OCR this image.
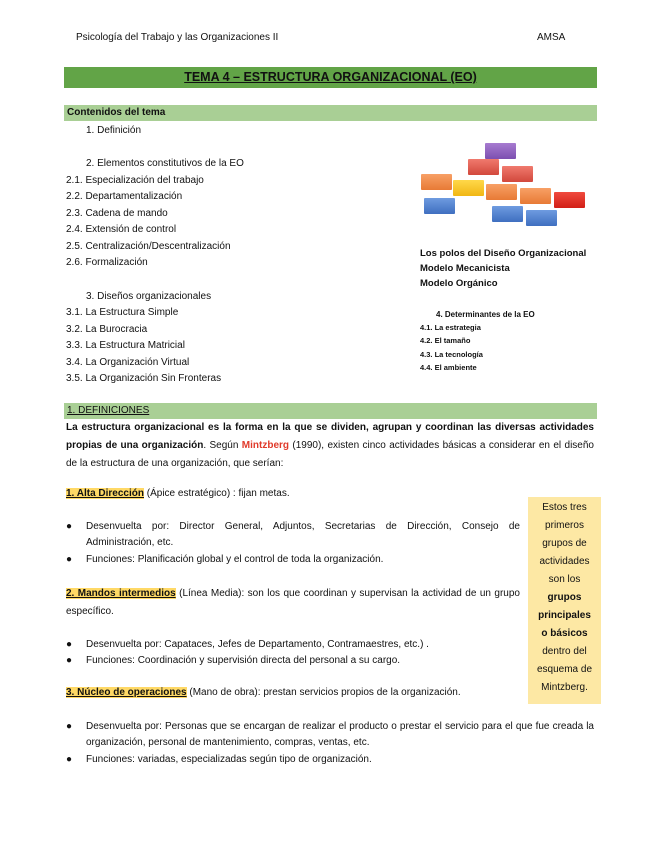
Psicología del Trabajo y las Organizaciones II	AMSA
TEMA 4 – ESTRUCTURA ORGANIZACIONAL (EO)
Contenidos del tema
1. Definición
2. Elementos constitutivos de la EO
2.1. Especialización del trabajo
2.2. Departamentalización
2.3. Cadena de mando
2.4. Extensión de control
2.5. Centralización/Descentralización
2.6. Formalización
3. Diseños organizacionales
3.1. La Estructura Simple
3.2. La Burocracia
3.3. La Estructura Matricial
3.4. La Organización Virtual
3.5. La Organización Sin Fronteras
Los polos del Diseño Organizacional
Modelo Mecanicista
Modelo Orgánico
4. Determinantes de la EO
4.1. La estrategia
4.2. El tamaño
4.3. La tecnología
4.4. El ambiente
1. DEFINICIONES
La estructura organizacional es la forma en la que se dividen, agrupan y coordinan las diversas actividades propias de una organización. Según Mintzberg (1990), existen cinco actividades básicas a considerar en el diseño de la estructura de una organización, que serían:
1. Alta Dirección (Ápice estratégico) : fijan metas.
● Desenvuelta por: Director General, Adjuntos, Secretarias de Dirección, Consejo de Administración, etc.
● Funciones: Planificación global y el control de toda la organización.
2. Mandos intermedios (Línea Media): son los que coordinan y supervisan la actividad de un grupo específico.
● Desenvuelta por: Capataces, Jefes de Departamento, Contramaestres, etc.) .
● Funciones: Coordinación y supervisión directa del personal a su cargo.
3. Núcleo de operaciones (Mano de obra): prestan servicios propios de la organización.
● Desenvuelta por: Personas que se encargan de realizar el producto o prestar el servicio para el que fue creada la organización, personal de mantenimiento, compras, ventas, etc.
● Funciones: variadas, especializadas según tipo de organización.
Estos tres
primeros
grupos de
actividades
son los
grupos
principales
o básicos
dentro del
esquema de
Mintzberg.
